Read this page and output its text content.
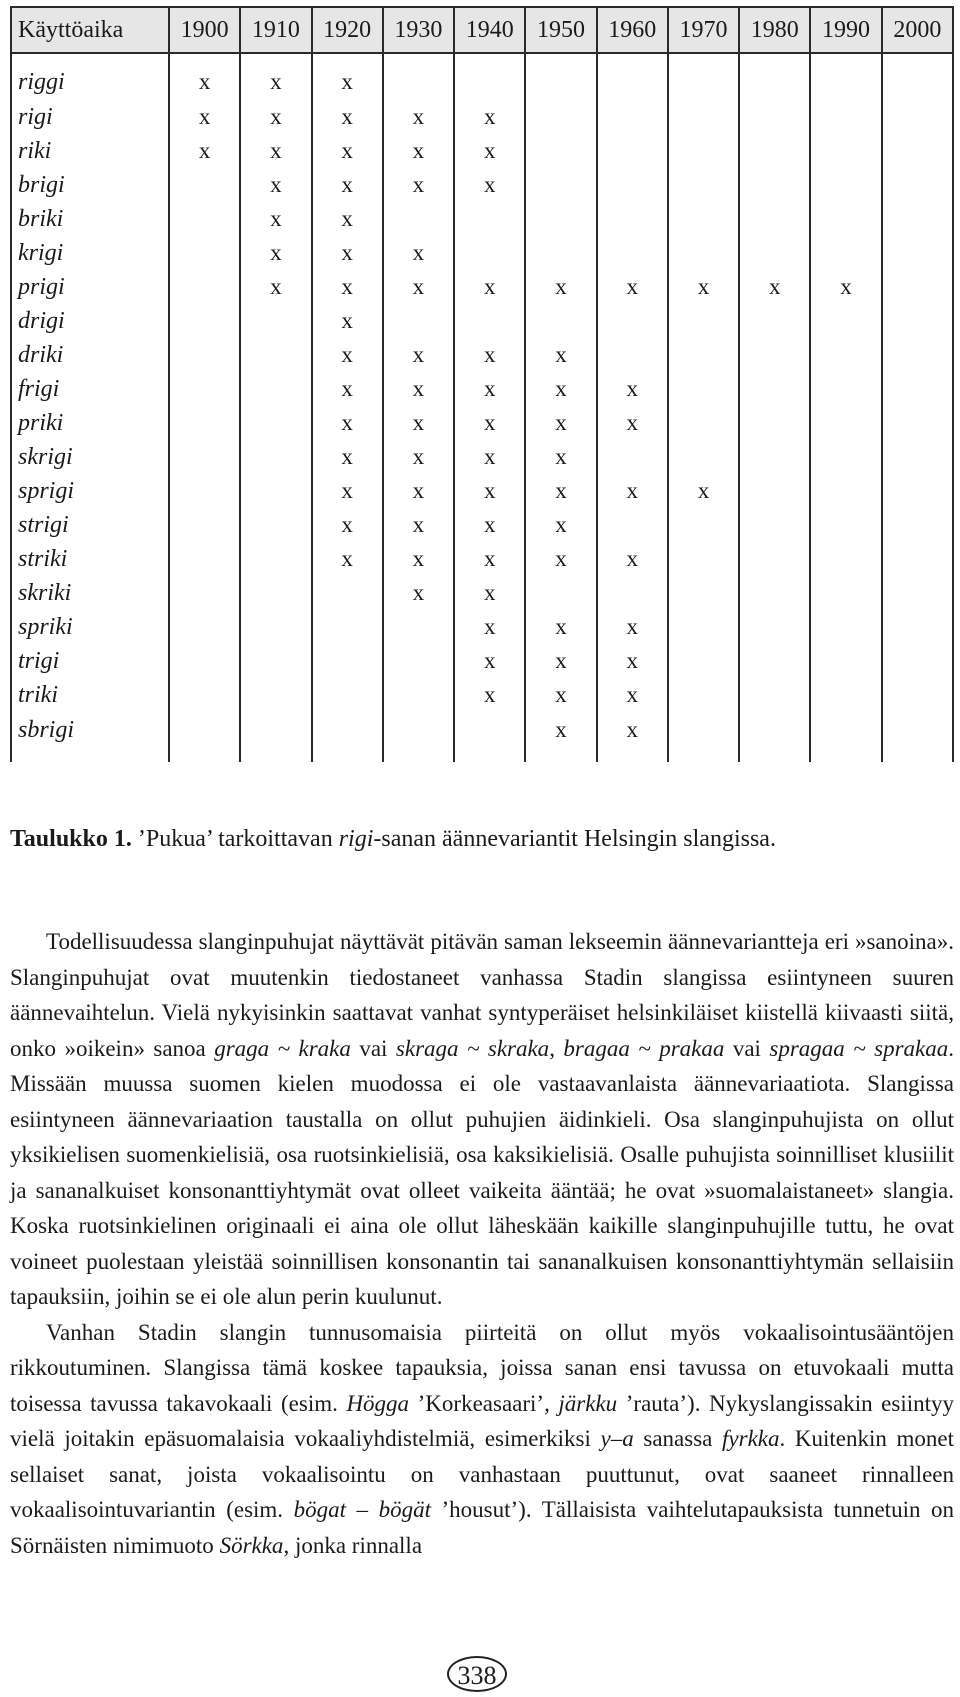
Käyttöaika	1900	1910	1920	1930	1940	1950	1960	1970	1980	1990	2000
riggi	x	x	x								
rigi	x	x	x	x	x						
riki	x	x	x	x	x						
brigi		x	x	x	x						
briki		x	x								
krigi		x	x	x							
prigi		x	x	x	x	x	x	x	x	x	
drigi			x								
driki			x	x	x	x					
frigi			x	x	x	x	x				
priki			x	x	x	x	x				
skrigi			x	x	x	x					
sprigi			x	x	x	x	x	x			
strigi			x	x	x	x					
striki			x	x	x	x	x				
skriki				x	x						
spriki					x	x	x				
trigi					x	x	x				
triki					x	x	x				
sbrigi						x	x				

Taulukko 1. ’Pukua’ tarkoittavan rigi-sanan äännevariantit Helsingin slangissa.

Todellisuudessa slanginpuhujat näyttävät pitävän saman lekseemin äännevariantteja eri »sanoina». Slanginpuhujat ovat muutenkin tiedostaneet vanhassa Stadin slangissa esiintyneen suuren äännevaihtelun. Vielä nykyisinkin saattavat vanhat syntyperäiset helsinkiläiset kiistellä kiivaasti siitä, onko »oikein» sanoa graga ~ kraka vai skraga ~ skraka, bragaa ~ prakaa vai spragaa ~ sprakaa. Missään muussa suomen kielen muodossa ei ole vastaavanlaista äännevariaatiota. Slangissa esiintyneen äännevariaation taustalla on ollut puhujien äidinkieli. Osa slanginpuhujista on ollut yksikielisen suomenkielisiä, osa ruotsinkielisiä, osa kaksikielisiä. Osalle puhujista soinnilliset klusiilit ja sananalkuiset konsonanttiyhtymät ovat olleet vaikeita ääntää; he ovat »suomalaistaneet» slangia. Koska ruotsinkielinen originaali ei aina ole ollut läheskään kaikille slanginpuhujille tuttu, he ovat voineet puolestaan yleistää soinnillisen konsonantin tai sananalkuisen konsonanttiyhtymän sellaisiin tapauksiin, joihin se ei ole alun perin kuulunut.

Vanhan Stadin slangin tunnusomaisia piirteitä on ollut myös vokaalisointusääntöjen rikkoutuminen. Slangissa tämä koskee tapauksia, joissa sanan ensi tavussa on etuvokaali mutta toisessa tavussa takavokaali (esim. Högga ’Korkeasaari’, järkku ’rauta’). Nykyslangissakin esiintyy vielä joitakin epäsuomalaisia vokaaliyhdistelmiä, esimerkiksi y–a sanassa fyrkka. Kuitenkin monet sellaiset sanat, joista vokaalisointu on vanhastaan puuttunut, ovat saaneet rinnalleen vokaalisointuvariantin (esim. bögat – bögät ’housut’). Tällaisista vaihtelutapauksista tunnetuin on Sörnäisten nimimuoto Sörkka, jonka rinnalla

338
